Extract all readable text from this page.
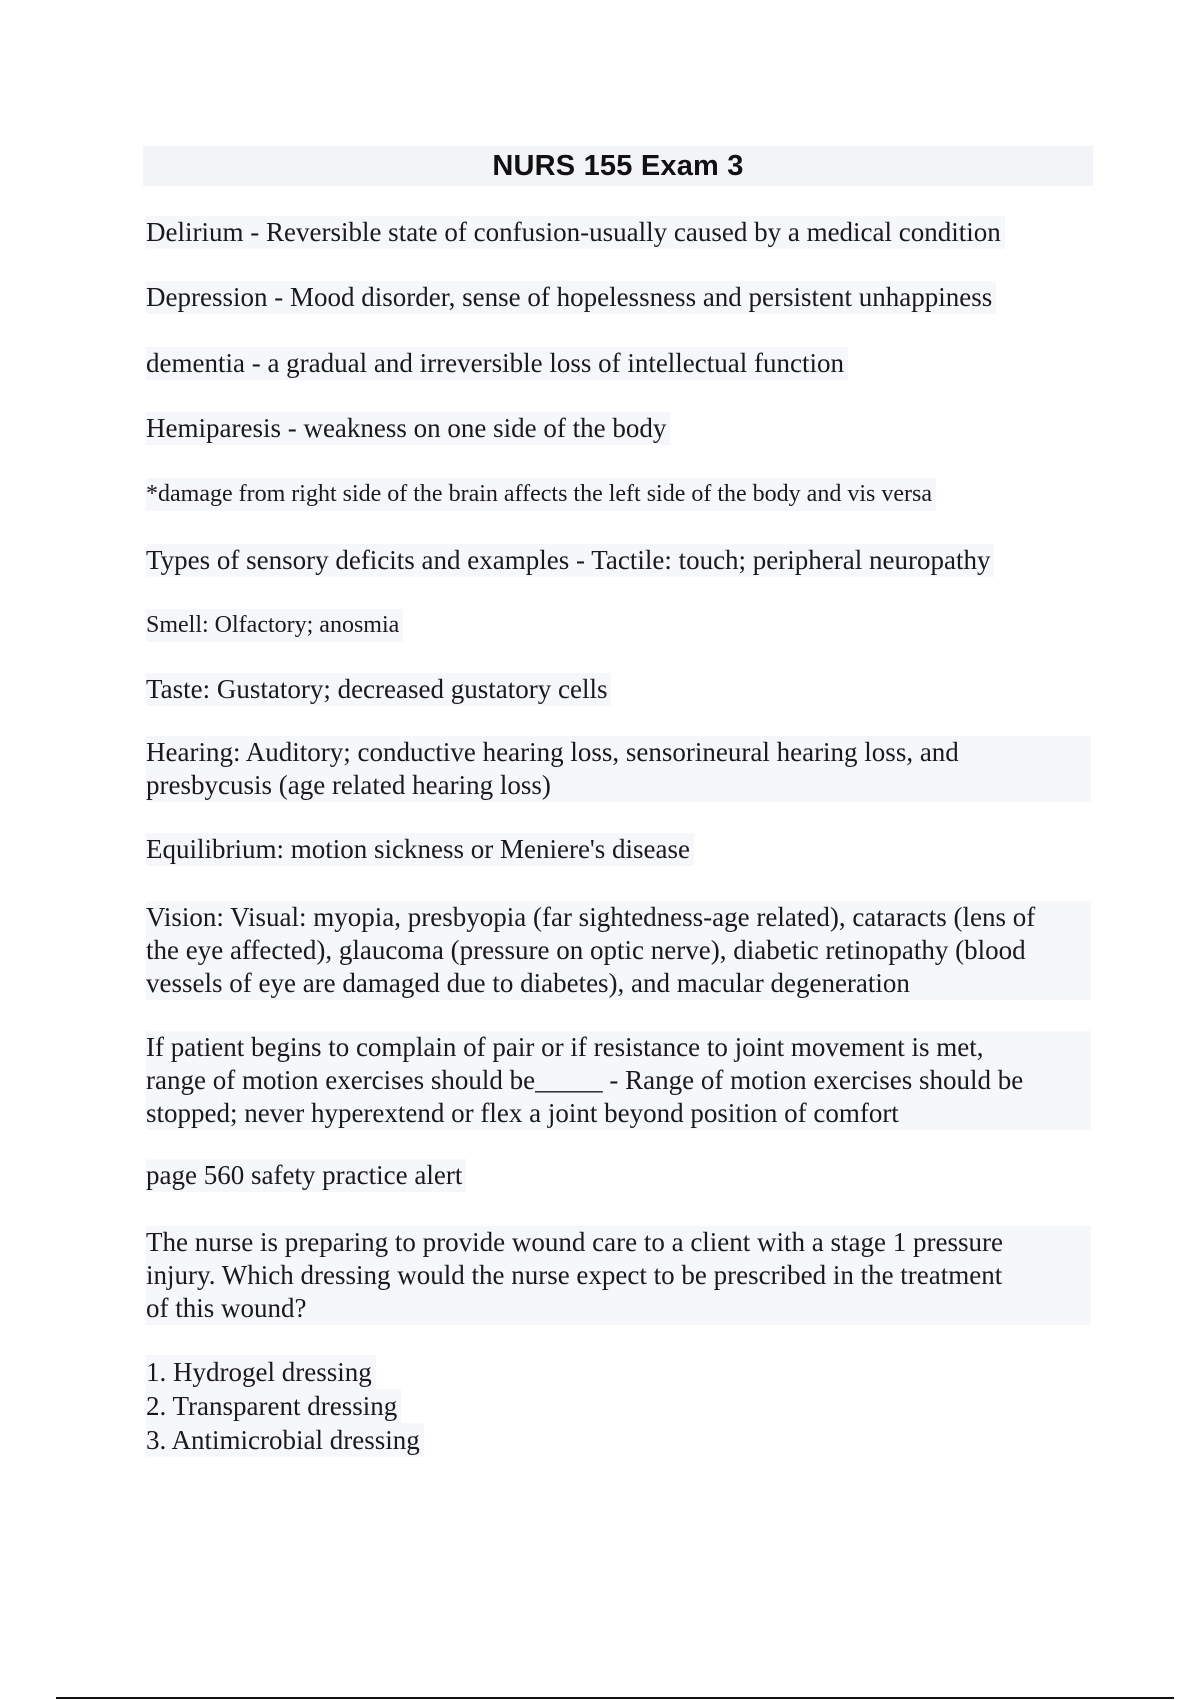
NURS 155 Exam 3
Delirium - Reversible state of confusion-usually caused by a medical condition
Depression - Mood disorder, sense of hopelessness and persistent unhappiness
dementia - a gradual and irreversible loss of intellectual function
Hemiparesis - weakness on one side of the body
*damage from right side of the brain affects the left side of the body and vis versa
Types of sensory deficits and examples - Tactile: touch; peripheral neuropathy
Smell: Olfactory; anosmia
Taste: Gustatory; decreased gustatory cells
Hearing: Auditory; conductive hearing loss, sensorineural hearing loss, and
presbycusis (age related hearing loss)
Equilibrium: motion sickness or Meniere's disease
Vision: Visual: myopia, presbyopia (far sightedness-age related), cataracts (lens of
the eye affected), glaucoma (pressure on optic nerve), diabetic retinopathy (blood
vessels of eye are damaged due to diabetes), and macular degeneration
If patient begins to complain of pair or if resistance to joint movement is met,
range of motion exercises should be_____ - Range of motion exercises should be
stopped; never hyperextend or flex a joint beyond position of comfort
page 560 safety practice alert
The nurse is preparing to provide wound care to a client with a stage 1 pressure
injury. Which dressing would the nurse expect to be prescribed in the treatment
of this wound?
1. Hydrogel dressing
2. Transparent dressing
3. Antimicrobial dressing
